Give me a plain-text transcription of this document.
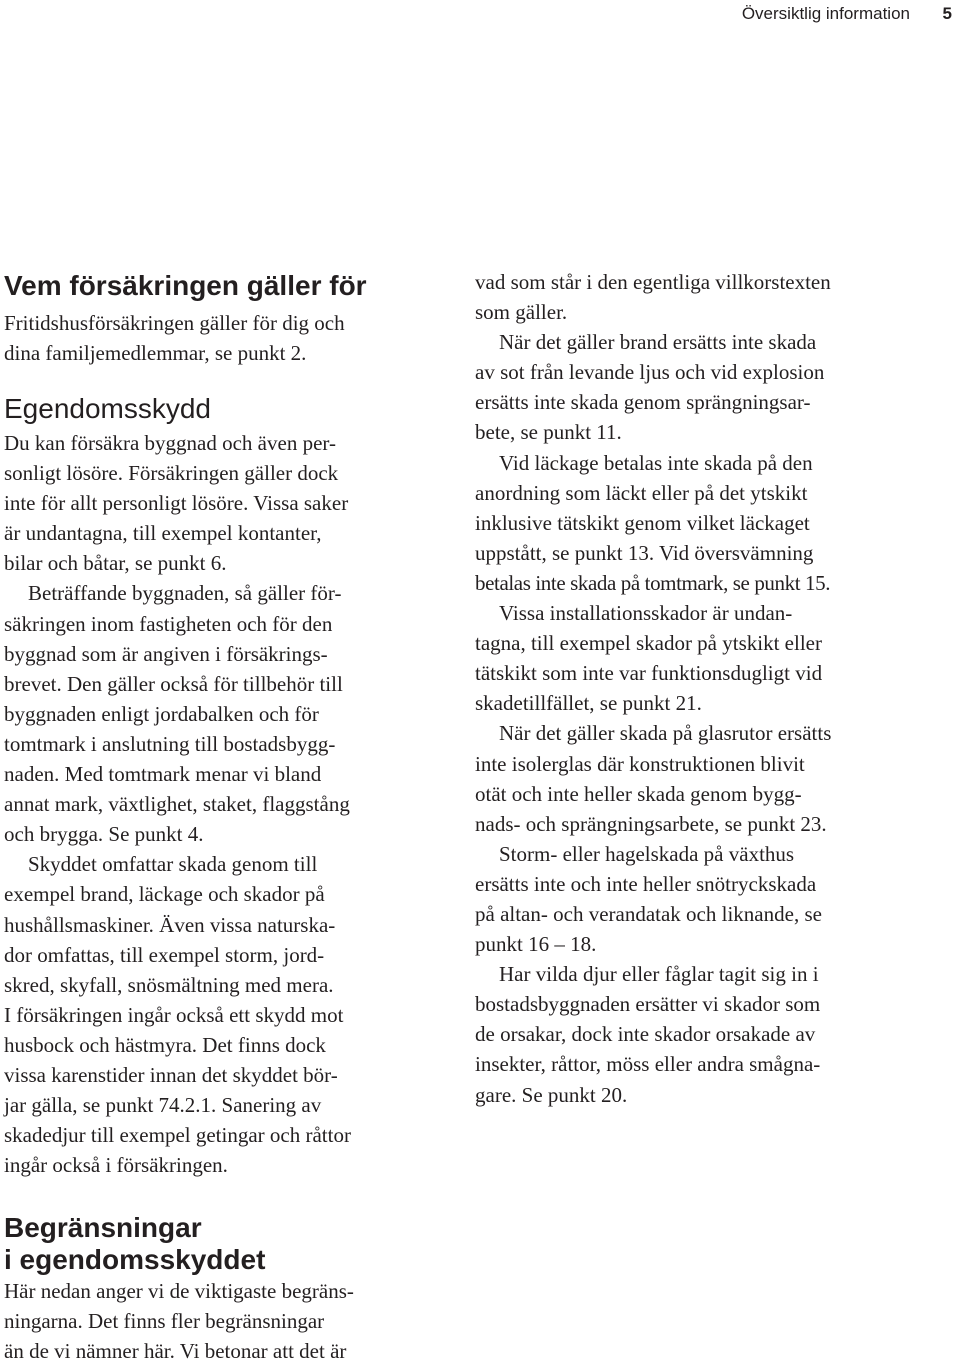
Översiktlig information 5
Vem försäkringen gäller för
Fritidshusförsäkringen gäller för dig och
dina familjemedlemmar, se punkt 2.
Egendomsskydd
Du kan försäkra byggnad och även per-
sonligt lösöre. Försäkringen gäller dock
inte för allt personligt lösöre. Vissa saker
är undantagna, till exempel kontanter,
bilar och båtar, se punkt 6.
Beträffande byggnaden, så gäller för-
säkringen inom fastigheten och för den
byggnad som är angiven i försäkrings-
brevet. Den gäller också för tillbehör till
byggnaden enligt jordabalken och för
tomtmark i anslutning till bostadsbygg-
naden. Med tomtmark menar vi bland
annat mark, växtlighet, staket, flaggstång
och brygga. Se punkt 4.
Skyddet omfattar skada genom till
exempel brand, läckage och skador på
hushållsmaskiner. Även vissa naturska-
dor omfattas, till exempel storm, jord-
skred, skyfall, snösmältning med mera.
I försäkringen ingår också ett skydd mot
husbock och hästmyra. Det finns dock
vissa karenstider innan det skyddet bör-
jar gälla, se punkt 74.2.1. Sanering av
skadedjur till exempel getingar och råttor
ingår också i försäkringen.
Begränsningar
i egendomsskyddet
Här nedan anger vi de viktigaste begräns-
ningarna. Det finns fler begränsningar
än de vi nämner här. Vi betonar att det är
vad som står i den egentliga villkorstexten
som gäller.
När det gäller brand ersätts inte skada
av sot från levande ljus och vid explosion
ersätts inte skada genom sprängningsar-
bete, se punkt 11.
Vid läckage betalas inte skada på den
anordning som läckt eller på det ytskikt
inklusive tätskikt genom vilket läckaget
uppstått, se punkt 13. Vid översvämning
betalas inte skada på tomtmark, se punkt 15.
Vissa installationsskador är undan-
tagna, till exempel skador på ytskikt eller
tätskikt som inte var funktionsdugligt vid
skadetillfället, se punkt 21.
När det gäller skada på glasrutor ersätts
inte isolerglas där konstruktionen blivit
otät och inte heller skada genom bygg-
nads- och sprängningsarbete, se punkt 23.
Storm- eller hagelskada på växthus
ersätts inte och inte heller snötryckskada
på altan- och verandatak och liknande, se
punkt 16 – 18.
Har vilda djur eller fåglar tagit sig in i
bostadsbyggnaden ersätter vi skador som
de orsakar, dock inte skador orsakade av
insekter, råttor, möss eller andra smågna-
gare. Se punkt 20.
